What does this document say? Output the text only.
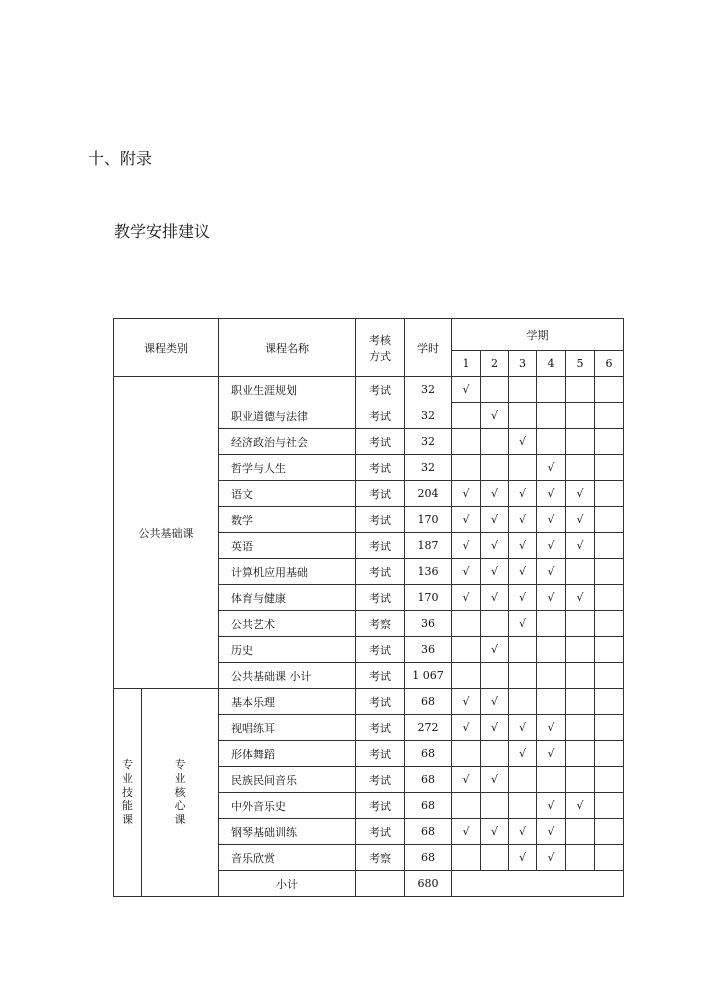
十、附录
教学安排建议
课程类别		课程名称	考核
方式	学时	学期					
					1	2	3	4	5	6
公共基础课		职业生涯规划	考试	32	√					
		职业道德与法律	考试	32		√				
		经济政治与社会	考试	32			√			
		哲学与人生	考试	32				√		
		语文	考试	204	√	√	√	√	√	
		数学	考试	170	√	√	√	√	√	
		英语	考试	187	√	√	√	√	√	
		计算机应用基础	考试	136	√	√	√	√		
		体育与健康	考试	170	√	√	√	√	√	
		公共艺术	考察	36			√			
		历史	考试	36		√				
		公共基础课 小计	考试	1 067						
专
业
技
能
课	专
业
核
心
课	基本乐理	考试	68	√	√				
		视唱练耳	考试	272	√	√	√	√		
		形体舞蹈	考试	68			√	√		
		民族民间音乐	考试	68	√	√				
		中外音乐史	考试	68				√	√	
		钢琴基础训练	考试	68	√	√	√	√		
		音乐欣赏	考察	68			√	√		
		小计		680						
